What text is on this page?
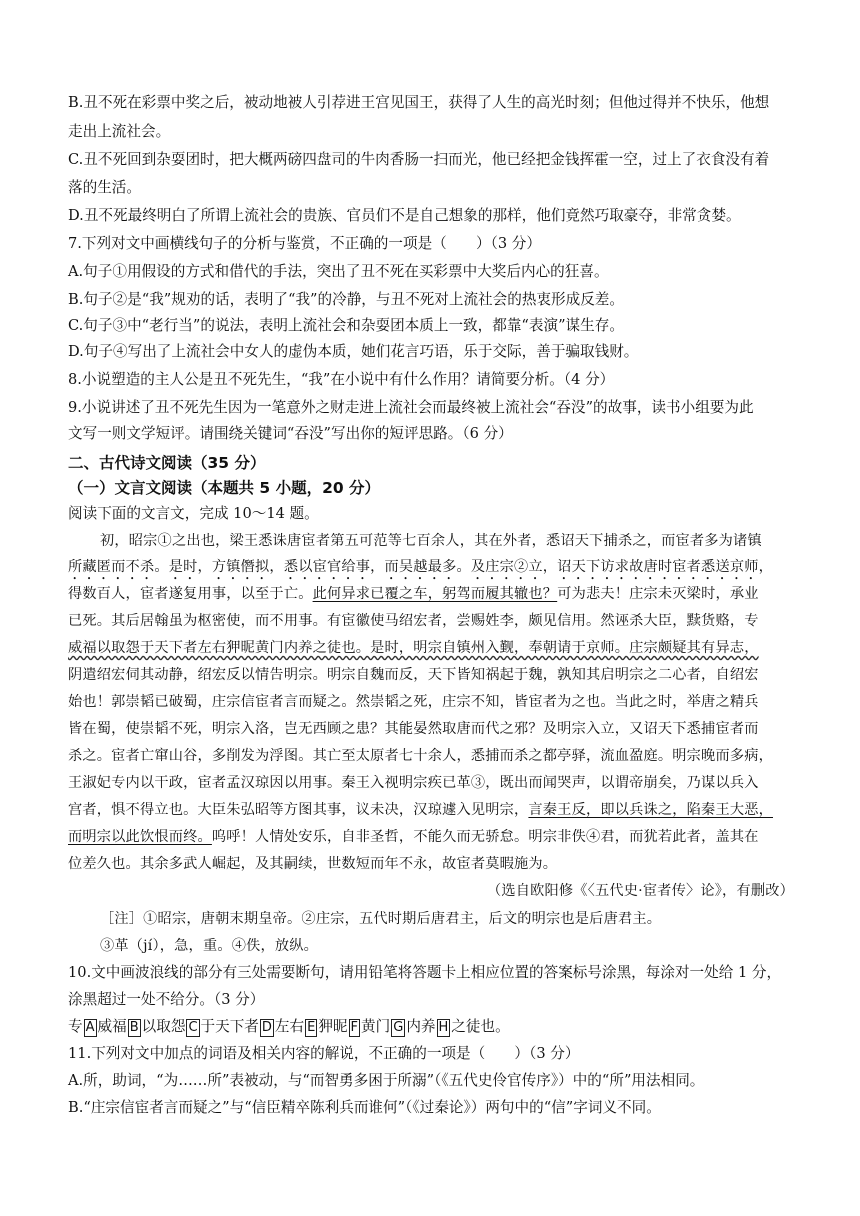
B.丑不死在彩票中奖之后，被动地被人引荐进王宫见国王，获得了人生的高光时刻；但他过得并不快乐，他想
走出上流社会。
C.丑不死回到杂耍团时，把大概两磅四盘司的牛肉香肠一扫而光，他已经把金钱挥霍一空，过上了衣食没有着
落的生活。
D.丑不死最终明白了所谓上流社会的贵族、官员们不是自己想象的那样，他们竟然巧取豪夺，非常贪婪。
7.下列对文中画横线句子的分析与鉴赏，不正确的一项是（　　）（3 分）
A.句子①用假设的方式和借代的手法，突出了丑不死在买彩票中大奖后内心的狂喜。
B.句子②是“我”规劝的话，表明了“我”的冷静，与丑不死对上流社会的热衷形成反差。
C.句子③中“老行当”的说法，表明上流社会和杂耍团本质上一致，都靠“表演”谋生存。
D.句子④写出了上流社会中女人的虚伪本质，她们花言巧语，乐于交际，善于骗取钱财。
8.小说塑造的主人公是丑不死先生，“我”在小说中有什么作用？请简要分析。（4 分）
9.小说讲述了丑不死先生因为一笔意外之财走进上流社会而最终被上流社会“吞没”的故事，读书小组要为此
文写一则文学短评。请围绕关键词“吞没”写出你的短评思路。（6 分）
二、古代诗文阅读（35 分）
（一）文言文阅读（本题共 5 小题，20 分）
阅读下面的文言文，完成 10～14 题。
初，昭宗①之出也，梁王悉诛唐宦者第五可范等七百余人，其在外者，悉诏天下捕杀之，而宦者多为诸镇
所藏匿而不杀。是时，方镇僭拟，悉以宦官给事，而吴越最多。及庄宗②立，诏天下访求故唐时宦者悉送京师，
得数百人，宦者遂复用事，以至于亡。此何异求已覆之车，躬驾而履其辙也？可为悲夫！庄宗未灭梁时，承业
已死。其后居翰虽为枢密使，而不用事。有宦徽使马绍宏者，尝赐姓李，颇见信用。然诬杀大臣，黩货赂，专
威福以取怨于天下者左右狎昵黄门内养之徒也。是时，明宗自镇州入觐，奉朝请于京师。庄宗颇疑其有异志，
阴遣绍宏伺其动静，绍宏反以情告明宗。明宗自魏而反，天下皆知祸起于魏，孰知其启明宗之二心者，自绍宏
始也！郭崇韬已破蜀，庄宗信宦者言而疑之。然崇韬之死，庄宗不知，皆宦者为之也。当此之时，举唐之精兵
皆在蜀，使崇韬不死，明宗入洛，岂无西顾之患？其能晏然取唐而代之邪？及明宗入立，又诏天下悉捕宦者而
杀之。宦者亡窜山谷，多削发为浮图。其亡至太原者七十余人，悉捕而杀之都亭驿，流血盈庭。明宗晚而多病，
王淑妃专内以干政，宦者孟汉琼因以用事。秦王入视明宗疾已革③，既出而闻哭声，以谓帝崩矣，乃谋以兵入
宫者，惧不得立也。大臣朱弘昭等方图其事，议未决，汉琼遽入见明宗，言秦王反，即以兵诛之，陷秦王大恶，
而明宗以此饮恨而终。呜呼！人情处安乐，自非圣哲，不能久而无骄怠。明宗非佚④君，而犹若此者，盖其在
位差久也。其余多武人崛起，及其嗣续，世数短而年不永，故宦者莫暇施为。
（选自欧阳修《〈五代史·宦者传〉论》，有删改）
［注］①昭宗，唐朝末期皇帝。②庄宗，五代时期后唐君主，后文的明宗也是后唐君主。
③革（jí），急，重。④佚，放纵。
10.文中画波浪线的部分有三处需要断句，请用铅笔将答题卡上相应位置的答案标号涂黑，每涂对一处给 1 分，
涂黑超过一处不给分。（3 分）
专 A 威福 B 以取怨 C 于天下者 D 左右 E 狎昵 F 黄门 G 内养 H 之徒也。
11.下列对文中加点的词语及相关内容的解说，不正确的一项是（　　）（3 分）
A.所，助词，“为……所”表被动，与“而智勇多困于所溺”（《五代史伶官传序》）中的“所”用法相同。
B.“庄宗信宦者言而疑之”与“信臣精卒陈利兵而谁何”（《过秦论》）两句中的“信”字词义不同。
